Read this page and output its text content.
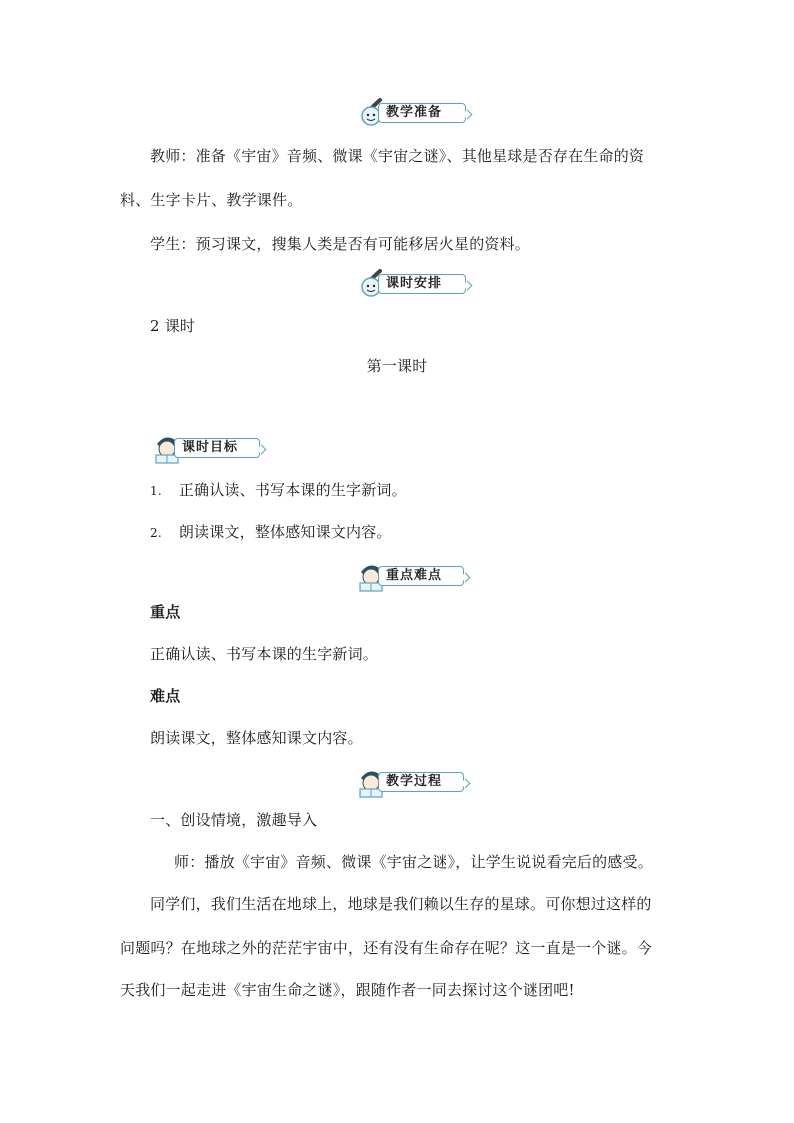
教学准备
教师：准备《宇宙》音频、微课《宇宙之谜》、其他星球是否存在生命的资
料、生字卡片、教学课件。
学生：预习课文，搜集人类是否有可能移居火星的资料。
课时安排
2 课时
第一课时
课时目标
1. 正确认读、书写本课的生字新词。
2. 朗读课文，整体感知课文内容。
重点难点
重点
正确认读、书写本课的生字新词。
难点
朗读课文，整体感知课文内容。
教学过程
一、创设情境，激趣导入
师：播放《宇宙》音频、微课《宇宙之谜》，让学生说说看完后的感受。
同学们，我们生活在地球上，地球是我们赖以生存的星球。可你想过这样的
问题吗？在地球之外的茫茫宇宙中，还有没有生命存在呢？这一直是一个谜。今
天我们一起走进《宇宙生命之谜》，跟随作者一同去探讨这个谜团吧!
